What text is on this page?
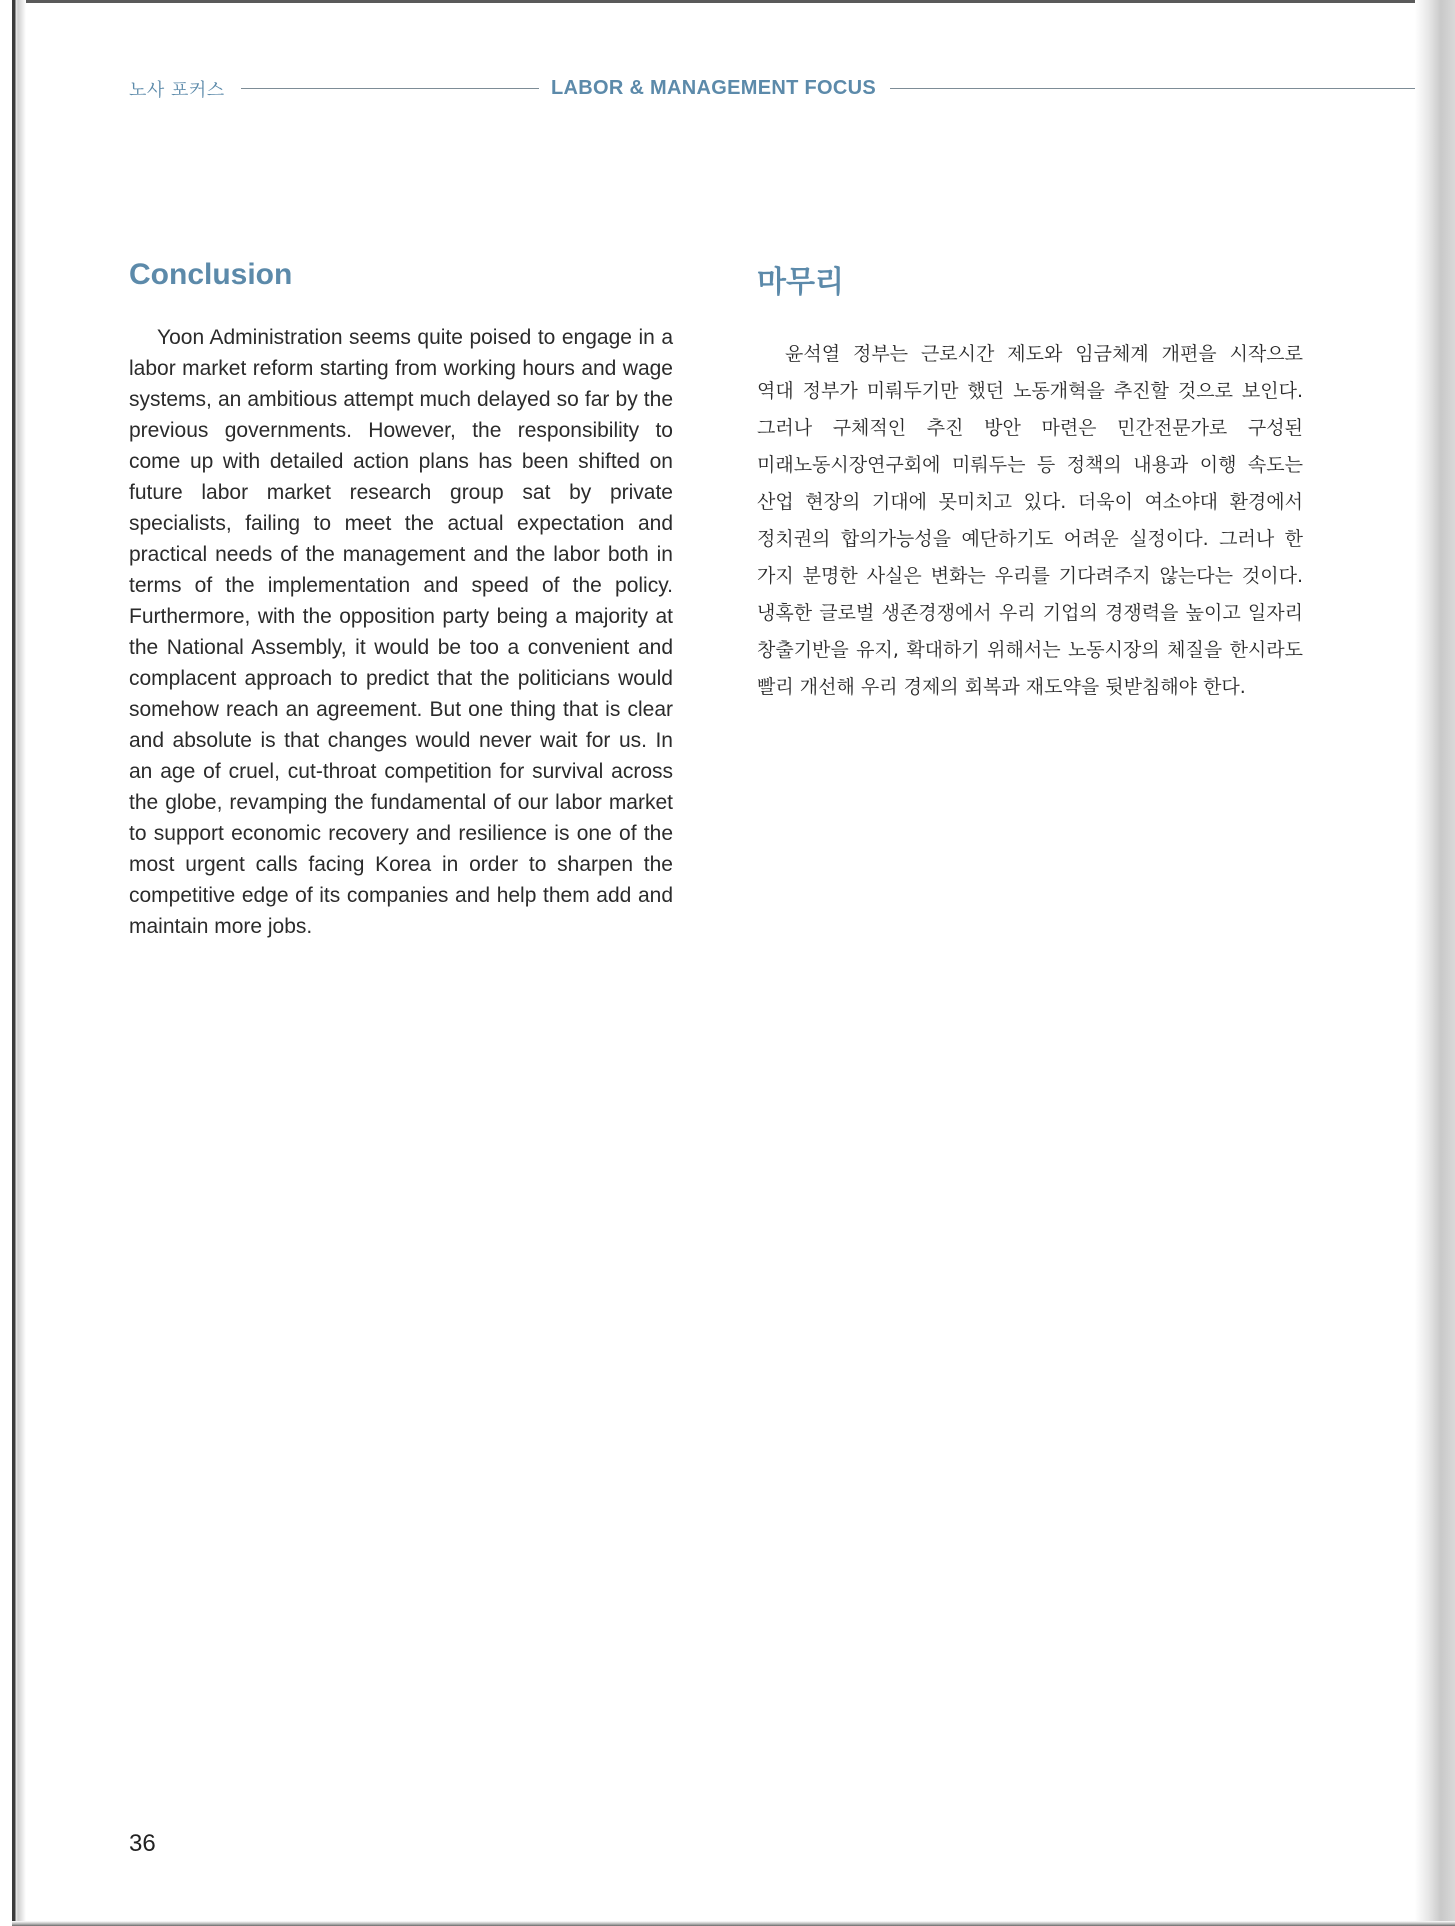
노사 포커스	LABOR & MANAGEMENT FOCUS
Conclusion

Yoon Administration seems quite poised to engage in a labor market reform starting from working hours and wage systems, an ambitious attempt much delayed so far by the previous governments. However, the responsibility to come up with detailed action plans has been shifted on future labor market research group sat by private specialists, failing to meet the actual expectation and practical needs of the management and the labor both in terms of the implementation and speed of the policy. Furthermore, with the opposition party being a majority at the National Assembly, it would be too a convenient and complacent approach to predict that the politicians would somehow reach an agreement. But one thing that is clear and absolute is that changes would never wait for us. In an age of cruel, cut-throat competition for survival across the globe, revamping the fundamental of our labor market to support economic recovery and resilience is one of the most urgent calls facing Korea in order to sharpen the competitive edge of its companies and help them add and maintain more jobs.

마무리

윤석열 정부는 근로시간 제도와 임금체계 개편을 시작으로 역대 정부가 미뤄두기만 했던 노동개혁을 추진할 것으로 보인다. 그러나 구체적인 추진 방안 마련은 민간전문가로 구성된 미래노동시장연구회에 미뤄두는 등 정책의 내용과 이행 속도는 산업 현장의 기대에 못미치고 있다. 더욱이 여소야대 환경에서 정치권의 합의가능성을 예단하기도 어려운 실정이다. 그러나 한 가지 분명한 사실은 변화는 우리를 기다려주지 않는다는 것이다. 냉혹한 글로벌 생존경쟁에서 우리 기업의 경쟁력을 높이고 일자리 창출기반을 유지, 확대하기 위해서는 노동시장의 체질을 한시라도 빨리 개선해 우리 경제의 회복과 재도약을 뒷받침해야 한다.

36
